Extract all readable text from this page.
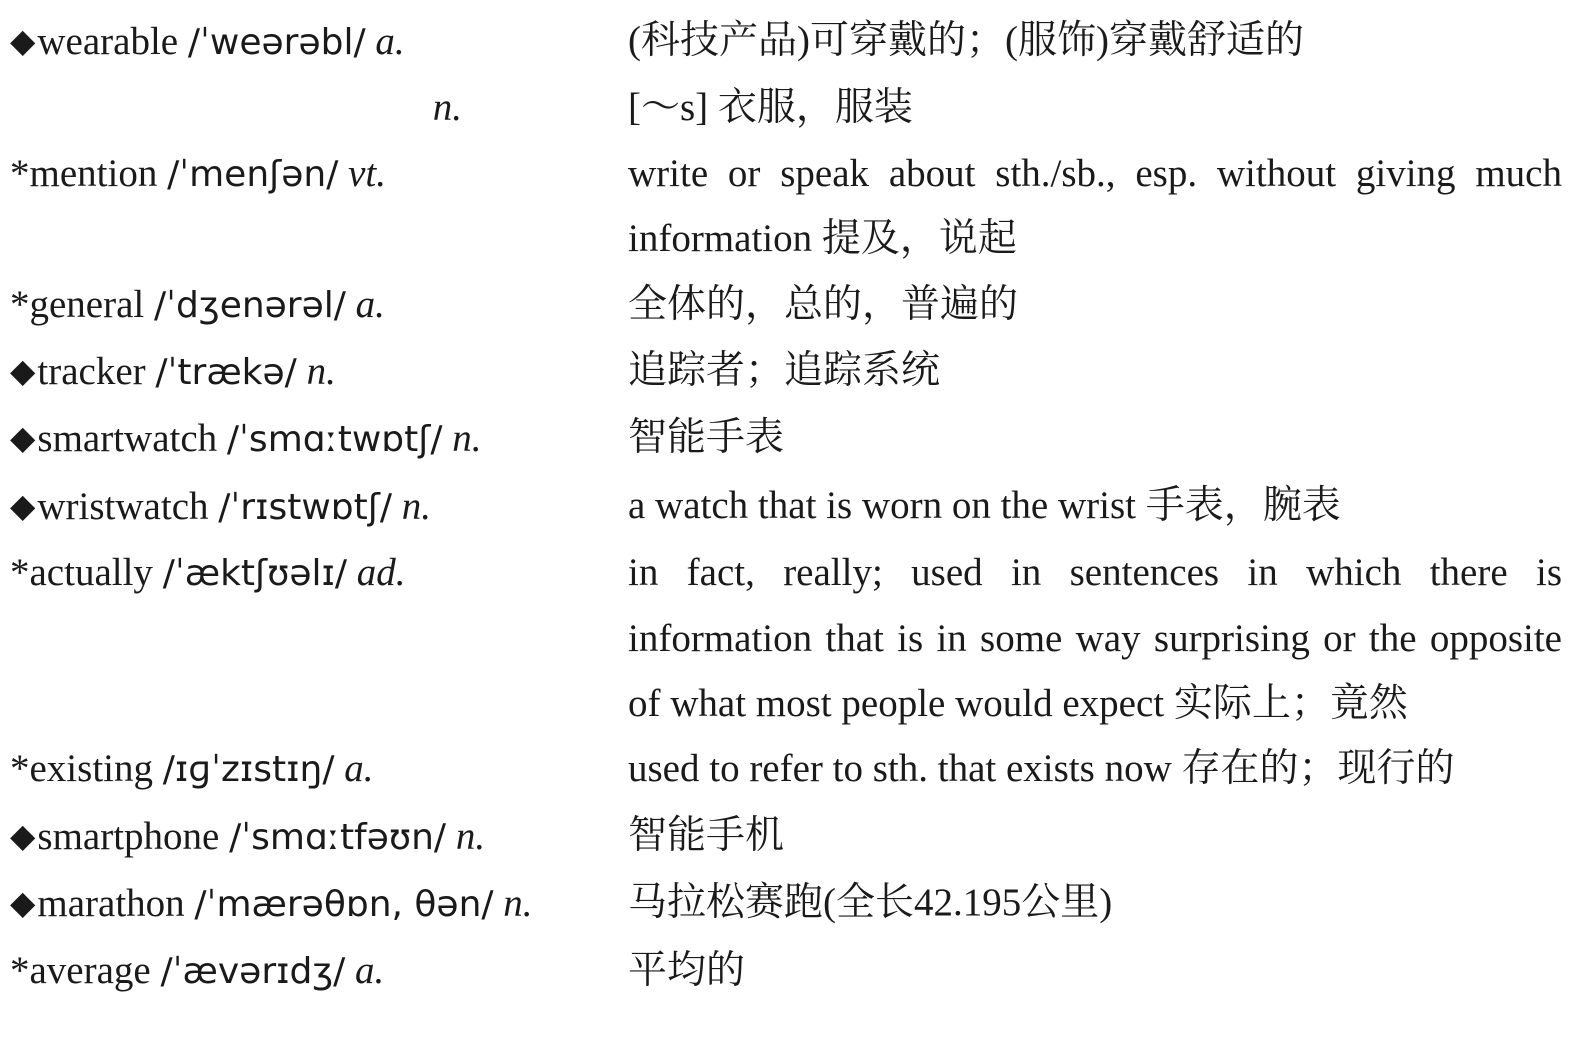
◆wearable /ˈweərəbl/ a.	(科技产品)可穿戴的；(服饰)穿戴舒适的
n.	[～s] 衣服，服装
*mention /ˈmenʃən/ vt.	write or speak about sth./sb., esp. without giving much information 提及，说起
*general /ˈdʒenərəl/ a.	全体的，总的，普遍的
◆tracker /ˈtrækə/ n.	追踪者；追踪系统
◆smartwatch /ˈsmɑːtwɒtʃ/ n.	智能手表
◆wristwatch /ˈrɪstwɒtʃ/ n.	a watch that is worn on the wrist 手表，腕表
*actually /ˈæktʃʊəlɪ/ ad.	in fact, really; used in sentences in which there is information that is in some way surprising or the opposite of what most people would expect 实际上；竟然
*existing /ɪɡˈzɪstɪŋ/ a.	used to refer to sth. that exists now 存在的；现行的
◆smartphone /ˈsmɑːtfəʊn/ n.	智能手机
◆marathon /ˈmærəθɒn, θən/ n.	马拉松赛跑(全长42.195公里)
*average /ˈævərɪdʒ/ a.	平均的
